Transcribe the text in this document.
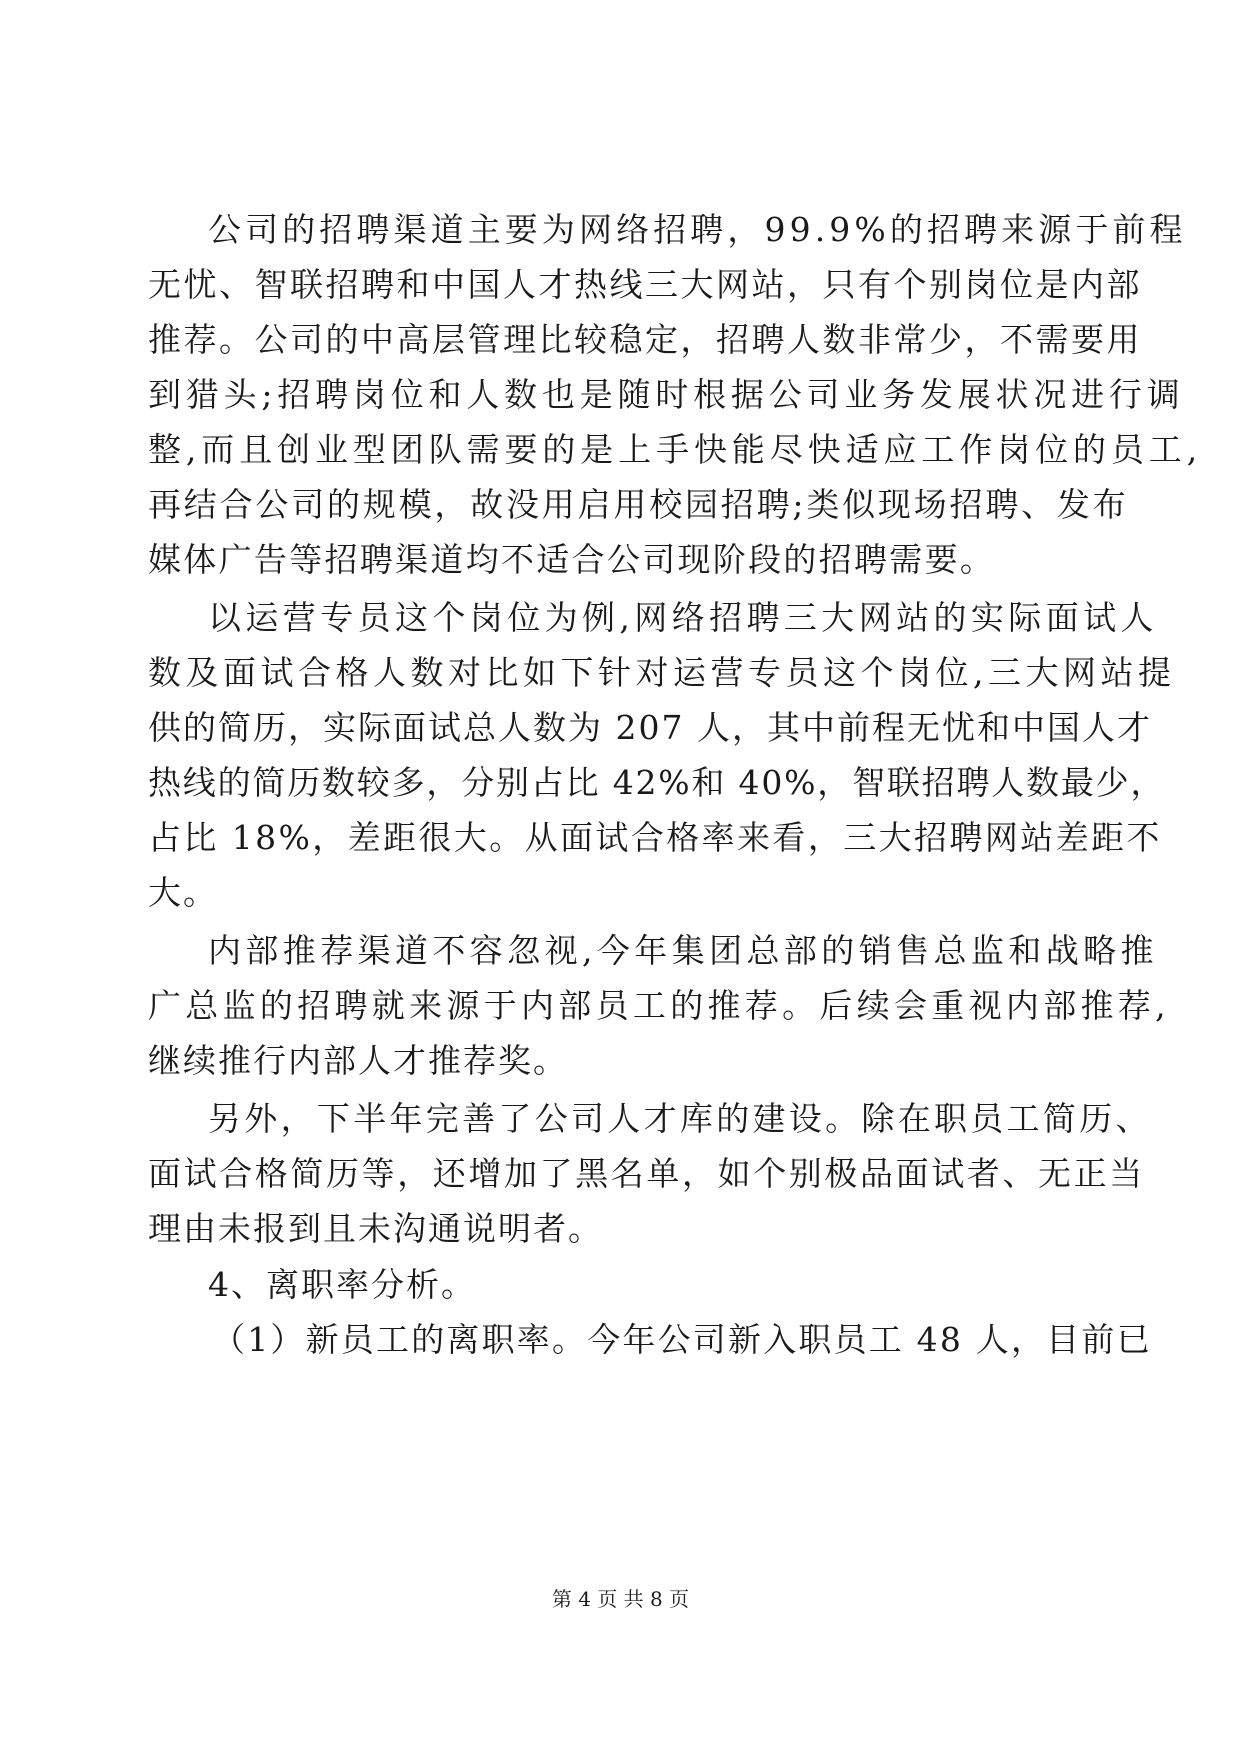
公司的招聘渠道主要为网络招聘，99.9%的招聘来源于前程

无忧、智联招聘和中国人才热线三大网站，只有个别岗位是内部

推荐。公司的中高层管理比较稳定，招聘人数非常少，不需要用

到猎头;招聘岗位和人数也是随时根据公司业务发展状况进行调

整,而且创业型团队需要的是上手快能尽快适应工作岗位的员工,

再结合公司的规模，故没用启用校园招聘;类似现场招聘、发布

媒体广告等招聘渠道均不适合公司现阶段的招聘需要。

以运营专员这个岗位为例,网络招聘三大网站的实际面试人

数及面试合格人数对比如下针对运营专员这个岗位,三大网站提

供的简历，实际面试总人数为 207 人，其中前程无忧和中国人才

热线的简历数较多，分别占比 42%和 40%，智联招聘人数最少，

占比 18%，差距很大。从面试合格率来看，三大招聘网站差距不

大。

内部推荐渠道不容忽视,今年集团总部的销售总监和战略推

广总监的招聘就来源于内部员工的推荐。后续会重视内部推荐,

继续推行内部人才推荐奖。

另外，下半年完善了公司人才库的建设。除在职员工简历、

面试合格简历等，还增加了黑名单，如个别极品面试者、无正当

理由未报到且未沟通说明者。

4、离职率分析。

（1）新员工的离职率。今年公司新入职员工 48 人，目前已

第 4 页 共 8 页
